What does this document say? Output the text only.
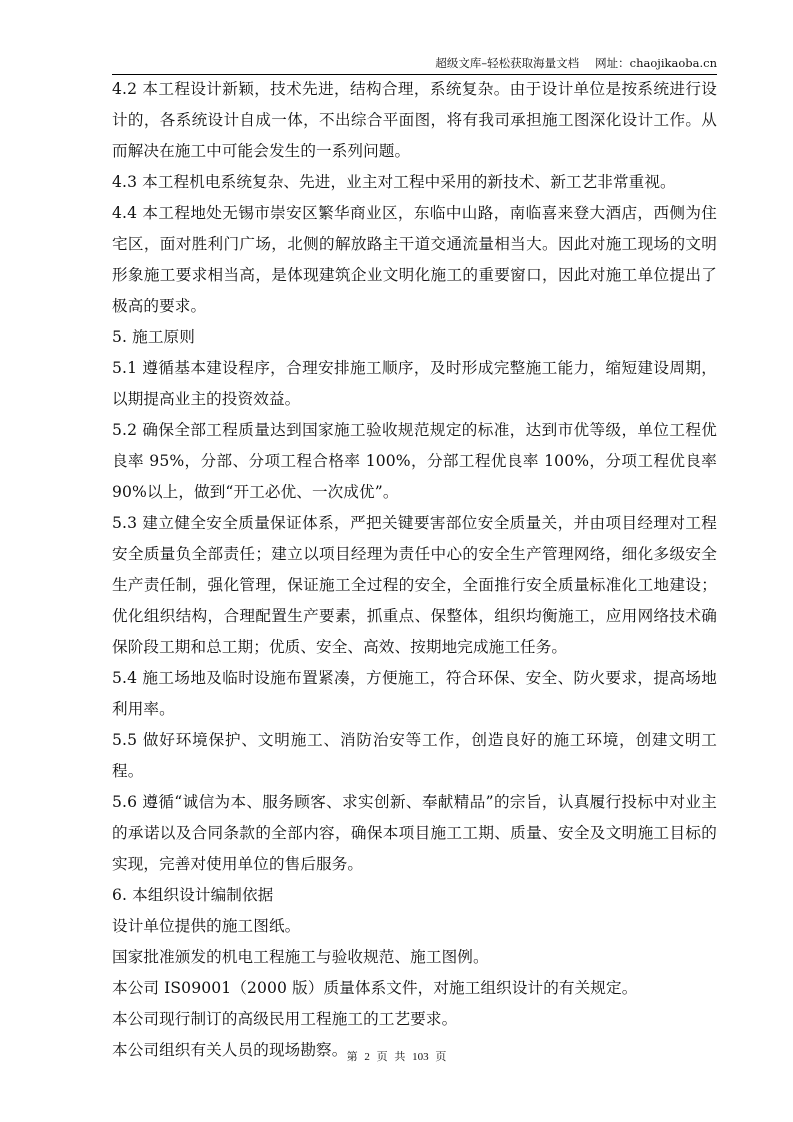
超级文库–轻松获取海量文档 网址：chaojikaoba.cn

4.2 本工程设计新颖，技术先进，结构合理，系统复杂。由于设计单位是按系统进行设计的，各系统设计自成一体，不出综合平面图，将有我司承担施工图深化设计工作。从而解决在施工中可能会发生的一系列问题。

4.3 本工程机电系统复杂、先进，业主对工程中采用的新技术、新工艺非常重视。

4.4 本工程地处无锡市崇安区繁华商业区，东临中山路，南临喜来登大酒店，西侧为住宅区，面对胜利门广场，北侧的解放路主干道交通流量相当大。因此对施工现场的文明形象施工要求相当高，是体现建筑企业文明化施工的重要窗口，因此对施工单位提出了极高的要求。

5. 施工原则

5.1 遵循基本建设程序，合理安排施工顺序，及时形成完整施工能力，缩短建设周期，以期提高业主的投资效益。

5.2 确保全部工程质量达到国家施工验收规范规定的标准，达到市优等级，单位工程优良率 95%，分部、分项工程合格率 100%，分部工程优良率 100%，分项工程优良率 90%以上，做到“开工必优、一次成优”。

5.3 建立健全安全质量保证体系，严把关键要害部位安全质量关，并由项目经理对工程安全质量负全部责任；建立以项目经理为责任中心的安全生产管理网络，细化多级安全生产责任制，强化管理，保证施工全过程的安全，全面推行安全质量标准化工地建设；优化组织结构，合理配置生产要素，抓重点、保整体，组织均衡施工，应用网络技术确保阶段工期和总工期；优质、安全、高效、按期地完成施工任务。

5.4 施工场地及临时设施布置紧凑，方便施工，符合环保、安全、防火要求，提高场地利用率。

5.5 做好环境保护、文明施工、消防治安等工作，创造良好的施工环境，创建文明工程。

5.6 遵循“诚信为本、服务顾客、求实创新、奉献精品”的宗旨，认真履行投标中对业主的承诺以及合同条款的全部内容，确保本项目施工工期、质量、安全及文明施工目标的实现，完善对使用单位的售后服务。

6. 本组织设计编制依据

设计单位提供的施工图纸。

国家批准颁发的机电工程施工与验收规范、施工图例。

本公司 IS09001（2000 版）质量体系文件，对施工组织设计的有关规定。

本公司现行制订的高级民用工程施工的工艺要求。

本公司组织有关人员的现场勘察。 第 2 页 共 103 页
